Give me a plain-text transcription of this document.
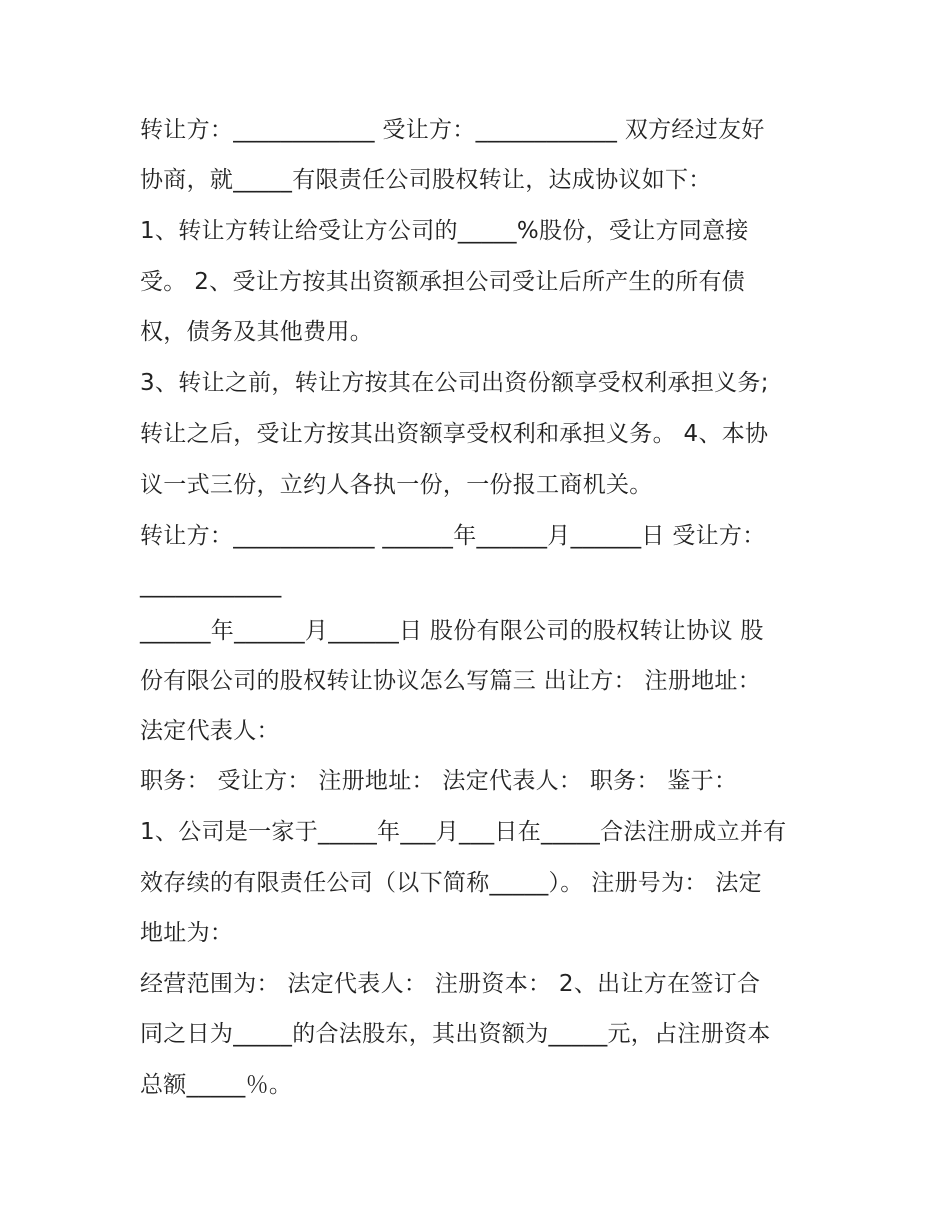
转让方：____________ 受让方：____________ 双方经过友好
协商，就_____有限责任公司股权转让，达成协议如下：
1、转让方转让给受让方公司的_____%股份，受让方同意接
受。 2、受让方按其出资额承担公司受让后所产生的所有债
权，债务及其他费用。
3、转让之前，转让方按其在公司出资份额享受权利承担义务;
转让之后，受让方按其出资额享受权利和承担义务。 4、本协
议一式三份，立约人各执一份，一份报工商机关。
转让方：____________ ______年______月______日 受让方：
____________
______年______月______日 股份有限公司的股权转让协议 股
份有限公司的股权转让协议怎么写篇三 出让方： 注册地址：
法定代表人：
职务： 受让方： 注册地址： 法定代表人： 职务： 鉴于：
1、公司是一家于_____年___月___日在_____合法注册成立并有
效存续的有限责任公司（以下简称_____）。 注册号为： 法定
地址为：
经营范围为： 法定代表人： 注册资本： 2、出让方在签订合
同之日为_____的合法股东，其出资额为_____元，占注册资本
总额_____％。
